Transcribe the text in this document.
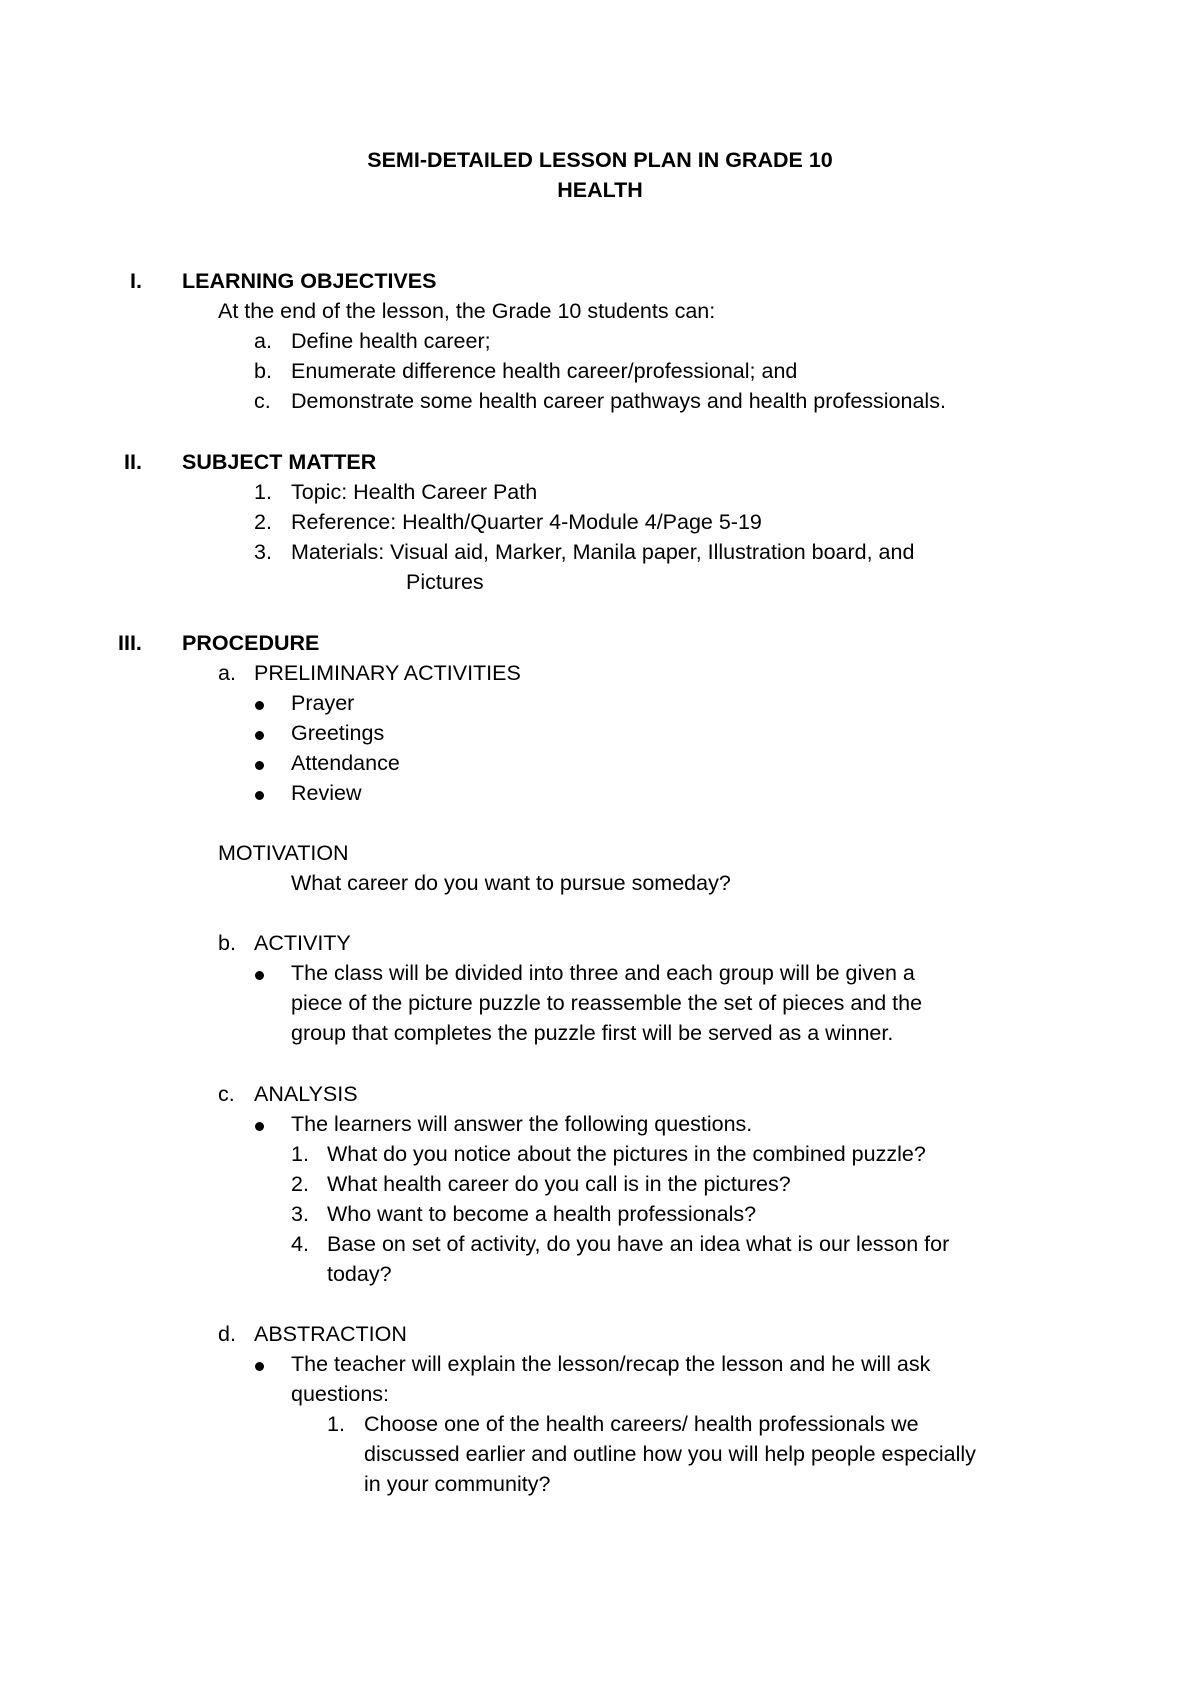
SEMI-DETAILED LESSON PLAN IN GRADE 10
HEALTH
I. LEARNING OBJECTIVES
At the end of the lesson, the Grade 10 students can:
a. Define health career;
b. Enumerate difference health career/professional; and
c. Demonstrate some health career pathways and health professionals.
II. SUBJECT MATTER
1. Topic: Health Career Path
2. Reference: Health/Quarter 4-Module 4/Page 5-19
3. Materials: Visual aid, Marker, Manila paper, Illustration board, and
Pictures
III. PROCEDURE
a. PRELIMINARY ACTIVITIES
Prayer
Greetings
Attendance
Review
MOTIVATION
What career do you want to pursue someday?
b. ACTIVITY
The class will be divided into three and each group will be given a
piece of the picture puzzle to reassemble the set of pieces and the
group that completes the puzzle first will be served as a winner.
c. ANALYSIS
The learners will answer the following questions.
1. What do you notice about the pictures in the combined puzzle?
2. What health career do you call is in the pictures?
3. Who want to become a health professionals?
4. Base on set of activity, do you have an idea what is our lesson for
today?
d. ABSTRACTION
The teacher will explain the lesson/recap the lesson and he will ask
questions:
1. Choose one of the health careers/ health professionals we
discussed earlier and outline how you will help people especially
in your community?
